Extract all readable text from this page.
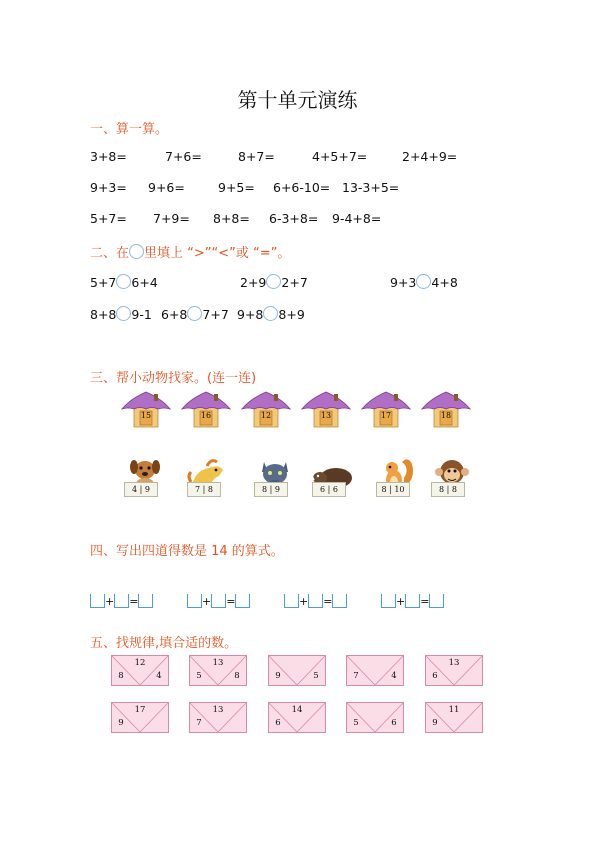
第十单元演练
一、算一算。
3+8=	7+6=	8+7=	4+5+7=	2+4+9=
9+3= 9+6=	9+5= 6+6-10= 13-3+5=
5+7= 7+9= 8+8= 6-3+8= 9-4+8=
二、在 里填上 “>”“<”或 “=”。
5+7 6+4	2+9 2+7	9+3 4+8
8+8 9-1 6+8 7+7 9+8 8+9
三、帮小动物找家。(连一连)
15	16	12	13	17	18
4 | 9	7 | 8	8 | 9	6 | 6	8 | 10	8 | 8
四、写出四道得数是 14 的算式。
+ =	+ =	+ =	+ =
五、找规律,填合适的数。
12
8	4
13
5	8	9	5	7	4
13
6
17
9
13
7
14
6	5	6
11
9
